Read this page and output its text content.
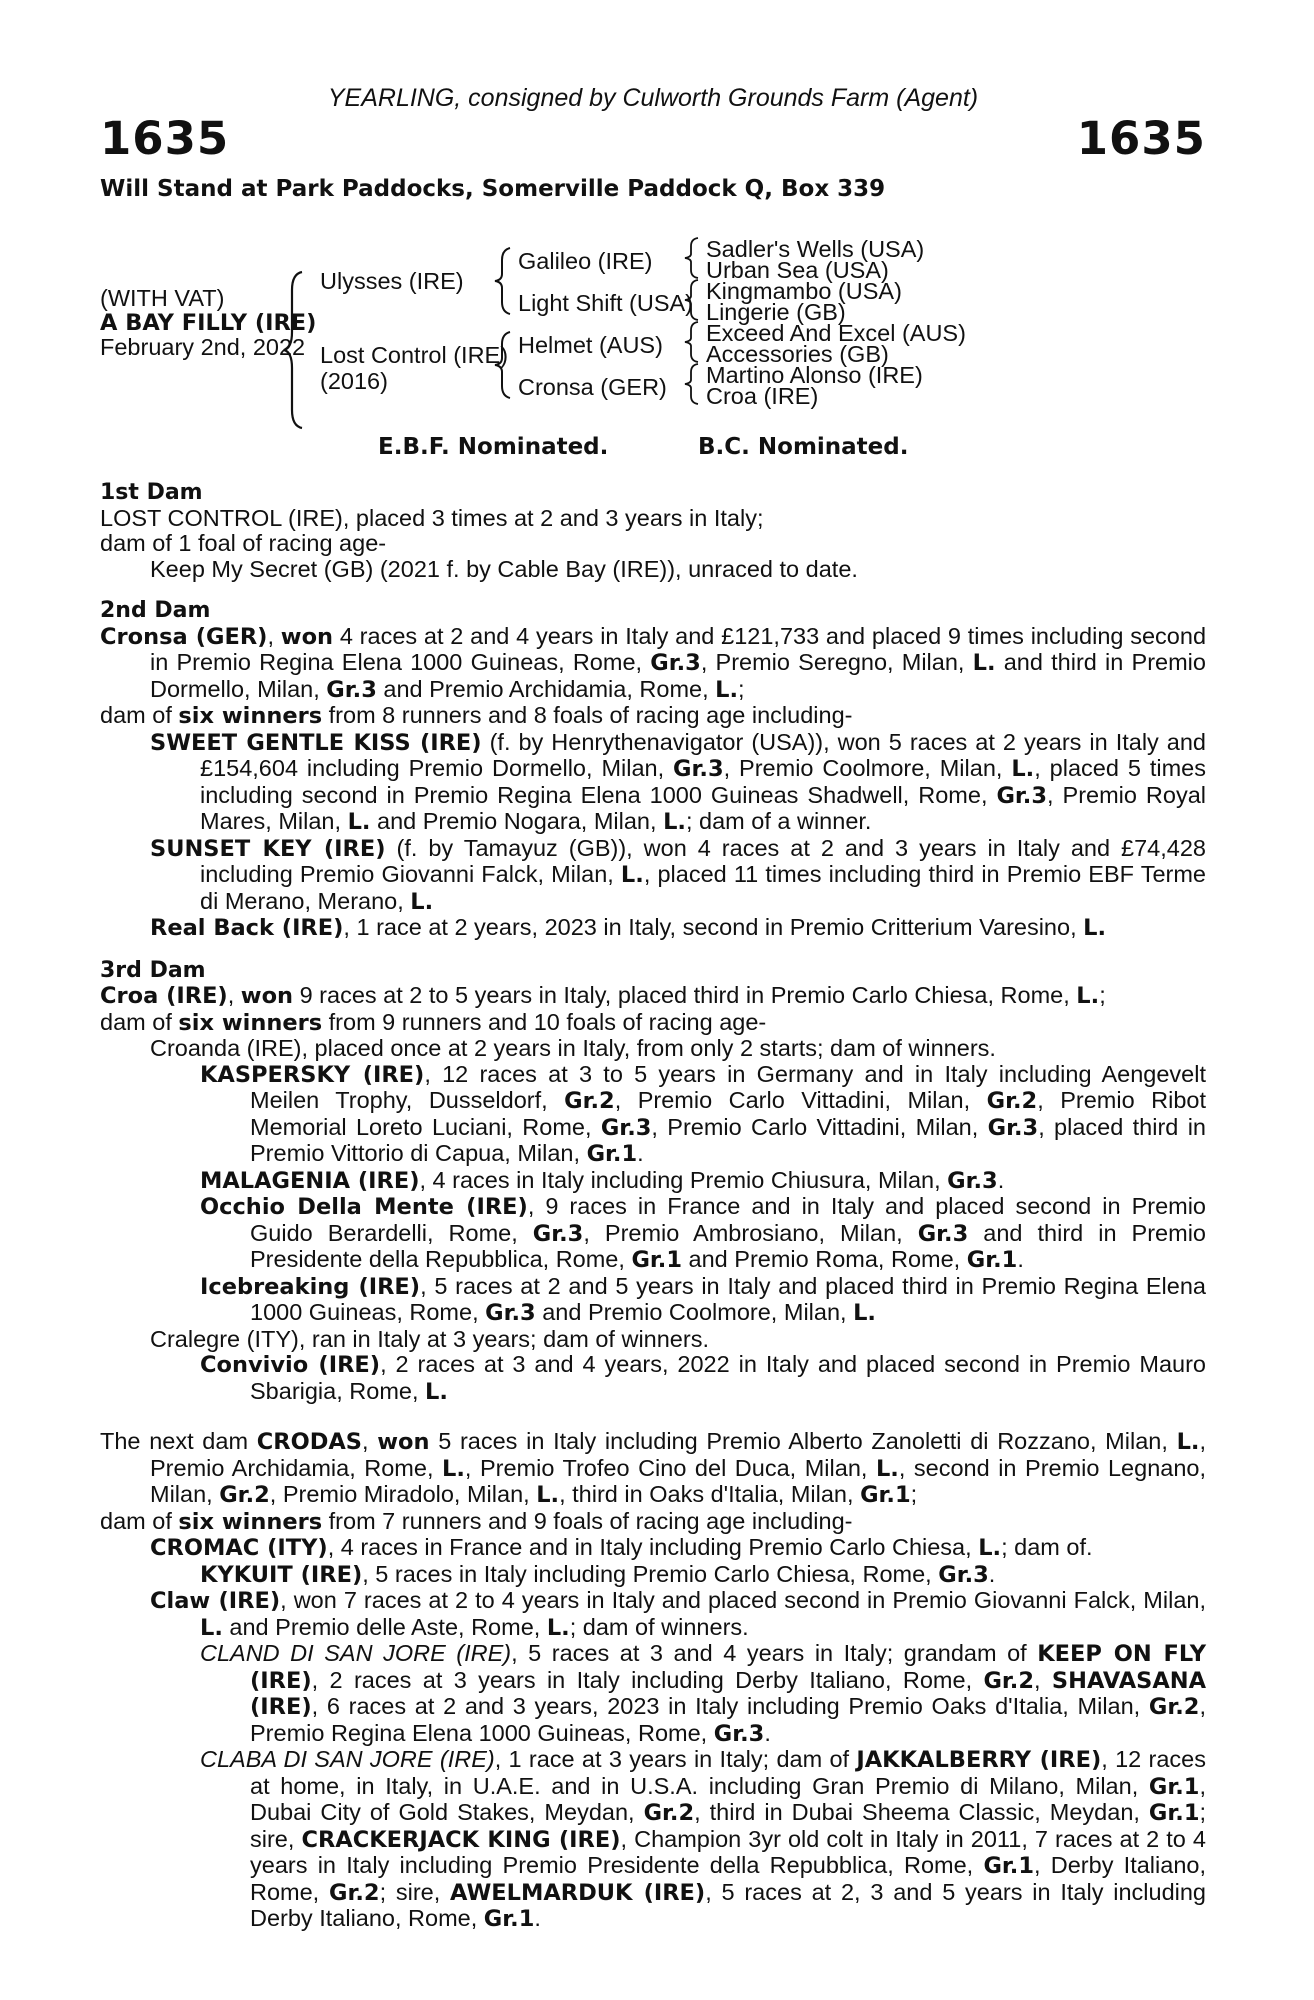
YEARLING, consigned by Culworth Grounds Farm (Agent)
1635	1635
Will Stand at Park Paddocks, Somerville Paddock Q, Box 339
(WITH VAT)
A BAY FILLY (IRE)
February 2nd, 2022
Ulysses (IRE)
Lost Control (IRE)
(2016)
Galileo (IRE)
Light Shift (USA)
Helmet (AUS)
Cronsa (GER)
Sadler's Wells (USA)
Urban Sea (USA)
Kingmambo (USA)
Lingerie (GB)
Exceed And Excel (AUS)
Accessories (GB)
Martino Alonso (IRE)
Croa (IRE)
E.B.F. Nominated.	B.C. Nominated.
1st Dam
LOST CONTROL (IRE), placed 3 times at 2 and 3 years in Italy;
dam of 1 foal of racing age-
Keep My Secret (GB) (2021 f. by Cable Bay (IRE)), unraced to date.
2nd Dam
Cronsa (GER), won 4 races at 2 and 4 years in Italy and £121,733 and placed 9 times including second in Premio Regina Elena 1000 Guineas, Rome, Gr.3, Premio Seregno, Milan, L. and third in Premio Dormello, Milan, Gr.3 and Premio Archidamia, Rome, L.;
dam of six winners from 8 runners and 8 foals of racing age including-
SWEET GENTLE KISS (IRE) (f. by Henrythenavigator (USA)), won 5 races at 2 years in Italy and £154,604 including Premio Dormello, Milan, Gr.3, Premio Coolmore, Milan, L., placed 5 times including second in Premio Regina Elena 1000 Guineas Shadwell, Rome, Gr.3, Premio Royal Mares, Milan, L. and Premio Nogara, Milan, L.; dam of a winner.
SUNSET KEY (IRE) (f. by Tamayuz (GB)), won 4 races at 2 and 3 years in Italy and £74,428 including Premio Giovanni Falck, Milan, L., placed 11 times including third in Premio EBF Terme di Merano, Merano, L.
Real Back (IRE), 1 race at 2 years, 2023 in Italy, second in Premio Critterium Varesino, L.
3rd Dam
Croa (IRE), won 9 races at 2 to 5 years in Italy, placed third in Premio Carlo Chiesa, Rome, L.;
dam of six winners from 9 runners and 10 foals of racing age-
Croanda (IRE), placed once at 2 years in Italy, from only 2 starts; dam of winners.
KASPERSKY (IRE), 12 races at 3 to 5 years in Germany and in Italy including Aengevelt Meilen Trophy, Dusseldorf, Gr.2, Premio Carlo Vittadini, Milan, Gr.2, Premio Ribot Memorial Loreto Luciani, Rome, Gr.3, Premio Carlo Vittadini, Milan, Gr.3, placed third in Premio Vittorio di Capua, Milan, Gr.1.
MALAGENIA (IRE), 4 races in Italy including Premio Chiusura, Milan, Gr.3.
Occhio Della Mente (IRE), 9 races in France and in Italy and placed second in Premio Guido Berardelli, Rome, Gr.3, Premio Ambrosiano, Milan, Gr.3 and third in Premio Presidente della Repubblica, Rome, Gr.1 and Premio Roma, Rome, Gr.1.
Icebreaking (IRE), 5 races at 2 and 5 years in Italy and placed third in Premio Regina Elena 1000 Guineas, Rome, Gr.3 and Premio Coolmore, Milan, L.
Cralegre (ITY), ran in Italy at 3 years; dam of winners.
Convivio (IRE), 2 races at 3 and 4 years, 2022 in Italy and placed second in Premio Mauro Sbarigia, Rome, L.
The next dam CRODAS, won 5 races in Italy including Premio Alberto Zanoletti di Rozzano, Milan, L., Premio Archidamia, Rome, L., Premio Trofeo Cino del Duca, Milan, L., second in Premio Legnano, Milan, Gr.2, Premio Miradolo, Milan, L., third in Oaks d'Italia, Milan, Gr.1;
dam of six winners from 7 runners and 9 foals of racing age including-
CROMAC (ITY), 4 races in France and in Italy including Premio Carlo Chiesa, L.; dam of.
KYKUIT (IRE), 5 races in Italy including Premio Carlo Chiesa, Rome, Gr.3.
Claw (IRE), won 7 races at 2 to 4 years in Italy and placed second in Premio Giovanni Falck, Milan, L. and Premio delle Aste, Rome, L.; dam of winners.
CLAND DI SAN JORE (IRE), 5 races at 3 and 4 years in Italy; grandam of KEEP ON FLY (IRE), 2 races at 3 years in Italy including Derby Italiano, Rome, Gr.2, SHAVASANA (IRE), 6 races at 2 and 3 years, 2023 in Italy including Premio Oaks d'Italia, Milan, Gr.2, Premio Regina Elena 1000 Guineas, Rome, Gr.3.
CLABA DI SAN JORE (IRE), 1 race at 3 years in Italy; dam of JAKKALBERRY (IRE), 12 races at home, in Italy, in U.A.E. and in U.S.A. including Gran Premio di Milano, Milan, Gr.1, Dubai City of Gold Stakes, Meydan, Gr.2, third in Dubai Sheema Classic, Meydan, Gr.1; sire, CRACKERJACK KING (IRE), Champion 3yr old colt in Italy in 2011, 7 races at 2 to 4 years in Italy including Premio Presidente della Repubblica, Rome, Gr.1, Derby Italiano, Rome, Gr.2; sire, AWELMARDUK (IRE), 5 races at 2, 3 and 5 years in Italy including Derby Italiano, Rome, Gr.1.
